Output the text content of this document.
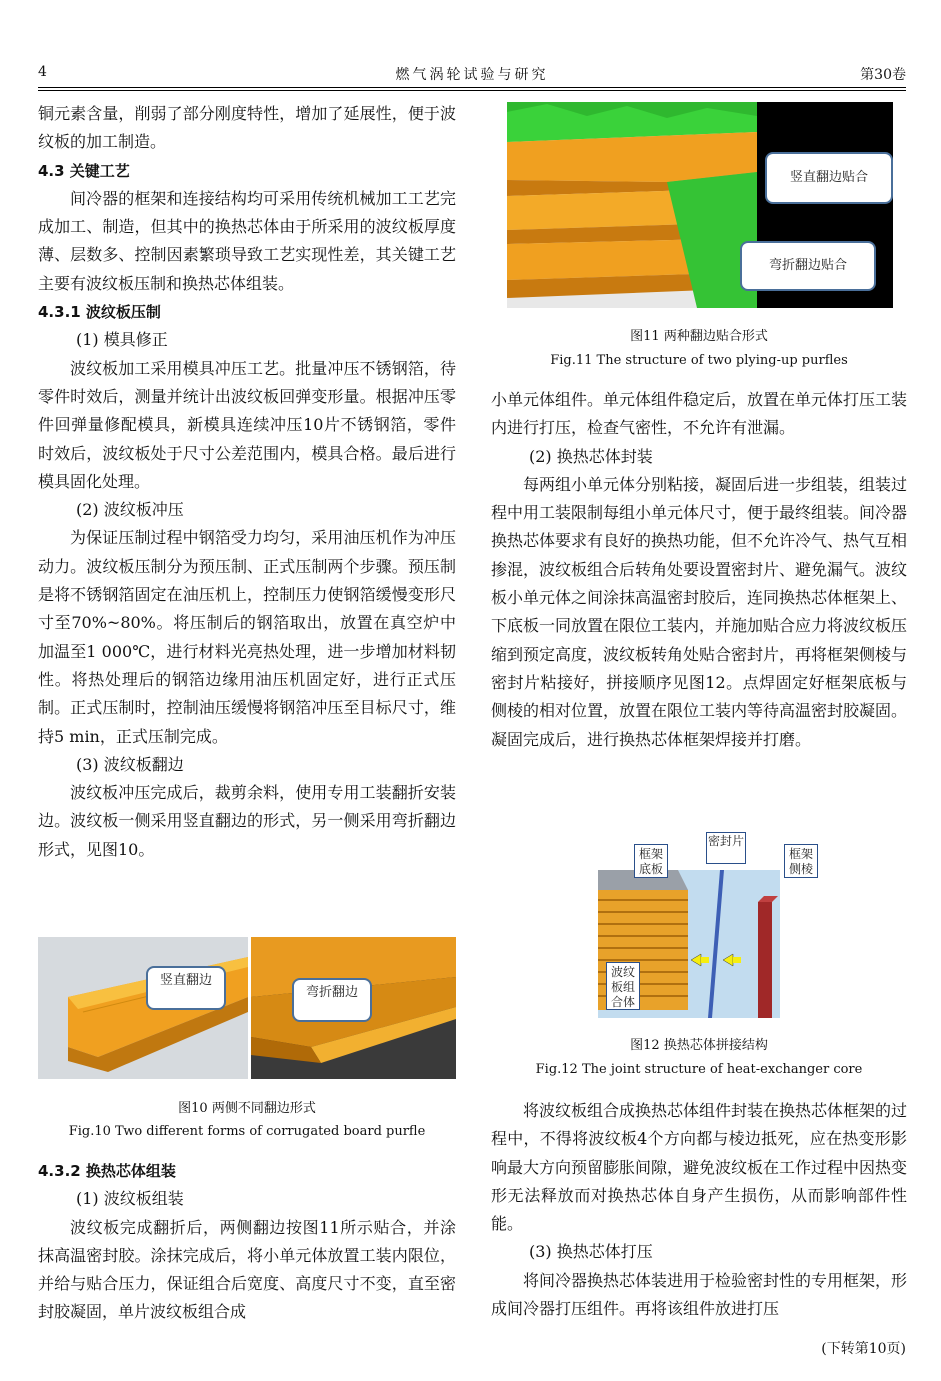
4	燃气涡轮试验与研究	第30卷

铜元素含量，削弱了部分刚度特性，增加了延展性，便于波纹板的加工制造。

4.3 关键工艺

间冷器的框架和连接结构均可采用传统机械加工工艺完成加工、制造，但其中的换热芯体由于所采用的波纹板厚度薄、层数多、控制因素繁琐导致工艺实现性差，其关键工艺主要有波纹板压制和换热芯体组装。

4.3.1 波纹板压制

(1) 模具修正

波纹板加工采用模具冲压工艺。批量冲压不锈钢箔，待零件时效后，测量并统计出波纹板回弹变形量。根据冲压零件回弹量修配模具，新模具连续冲压10片不锈钢箔，零件时效后，波纹板处于尺寸公差范围内，模具合格。最后进行模具固化处理。

(2) 波纹板冲压

为保证压制过程中钢箔受力均匀，采用油压机作为冲压动力。波纹板压制分为预压制、正式压制两个步骤。预压制是将不锈钢箔固定在油压机上，控制压力使钢箔缓慢变形尺寸至70%~80%。将压制后的钢箔取出，放置在真空炉中加温至1 000℃，进行材料光亮热处理，进一步增加材料韧性。将热处理后的钢箔边缘用油压机固定好，进行正式压制。正式压制时，控制油压缓慢将钢箔冲压至目标尺寸，维持5 min，正式压制完成。

(3) 波纹板翻边

波纹板冲压完成后，裁剪余料，使用专用工装翻折安装边。波纹板一侧采用竖直翻边的形式，另一侧采用弯折翻边形式，见图10。

竖直翻边
弯折翻边
图10 两侧不同翻边形式
Fig.10 Two different forms of corrugated board purfle

4.3.2 换热芯体组装

(1) 波纹板组装

波纹板完成翻折后，两侧翻边按图11所示贴合，并涂抹高温密封胶。涂抹完成后，将小单元体放置工装内限位，并给与贴合压力，保证组合后宽度、高度尺寸不变，直至密封胶凝固，单片波纹板组合成

竖直翻边贴合
弯折翻边贴合
图11 两种翻边贴合形式
Fig.11 The structure of two plying-up purfles

小单元体组件。单元体组件稳定后，放置在单元体打压工装内进行打压，检查气密性，不允许有泄漏。

(2) 换热芯体封装

每两组小单元体分别粘接，凝固后进一步组装，组装过程中用工装限制每组小单元体尺寸，便于最终组装。间冷器换热芯体要求有良好的换热功能，但不允许冷气、热气互相掺混，波纹板组合后转角处要设置密封片、避免漏气。波纹板小单元体之间涂抹高温密封胶后，连同换热芯体框架上、下底板一同放置在限位工装内，并施加贴合应力将波纹板压缩到预定高度，波纹板转角处贴合密封片，再将框架侧棱与密封片粘接好，拼接顺序见图12。点焊固定好框架底板与侧棱的相对位置，放置在限位工装内等待高温密封胶凝固。凝固完成后，进行换热芯体框架焊接并打磨。

框架底板
密封片
框架侧棱
波纹板组合体
图12 换热芯体拼接结构
Fig.12 The joint structure of heat-exchanger core

将波纹板组合成换热芯体组件封装在换热芯体框架的过程中，不得将波纹板4个方向都与棱边抵死，应在热变形影响最大方向预留膨胀间隙，避免波纹板在工作过程中因热变形无法释放而对换热芯体自身产生损伤，从而影响部件性能。

(3) 换热芯体打压

将间冷器换热芯体装进用于检验密封性的专用框架，形成间冷器打压组件。再将该组件放进打压

(下转第10页)
